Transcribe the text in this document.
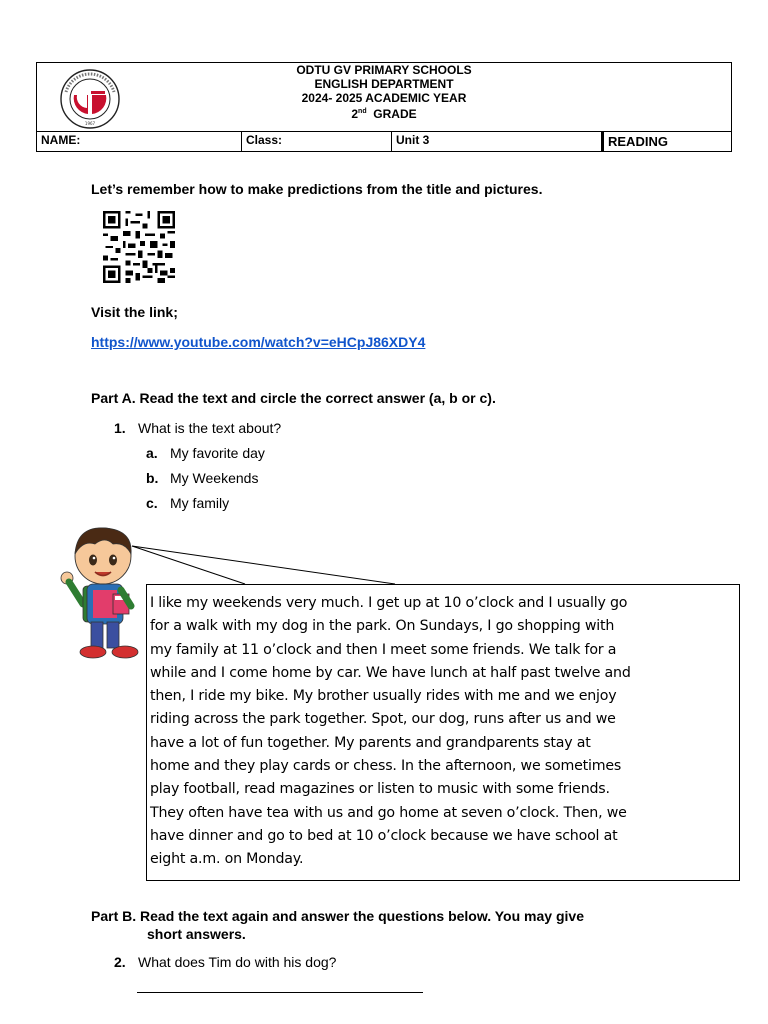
ODTU GV PRIMARY SCHOOLS
ENGLISH DEPARTMENT
2024- 2025 ACADEMIC YEAR
2nd GRADE
1967
NAME:	Class:	Unit 3	READING
Let’s remember how to make predictions from the title and pictures.
Visit the link;
https://www.youtube.com/watch?v=eHCpJ86XDY4
Part A. Read the text and circle the correct answer (a, b or c).
1. What is the text about?
a. My favorite day
b. My Weekends
c. My family
I like my weekends very much. I get up at 10 o’clock and I usually go
for a walk with my dog in the park. On Sundays, I go shopping with
my family at 11 o’clock and then I meet some friends. We talk for a
while and I come home by car. We have lunch at half past twelve and
then, I ride my bike. My brother usually rides with me and we enjoy
riding across the park together. Spot, our dog, runs after us and we
have a lot of fun together. My parents and grandparents stay at
home and they play cards or chess. In the afternoon, we sometimes
play football, read magazines or listen to music with some friends.
They often have tea with us and go home at seven o’clock. Then, we
have dinner and go to bed at 10 o’clock because we have school at
eight a.m. on Monday.
Part B. Read the text again and answer the questions below. You may give
short answers.
2. What does Tim do with his dog?
